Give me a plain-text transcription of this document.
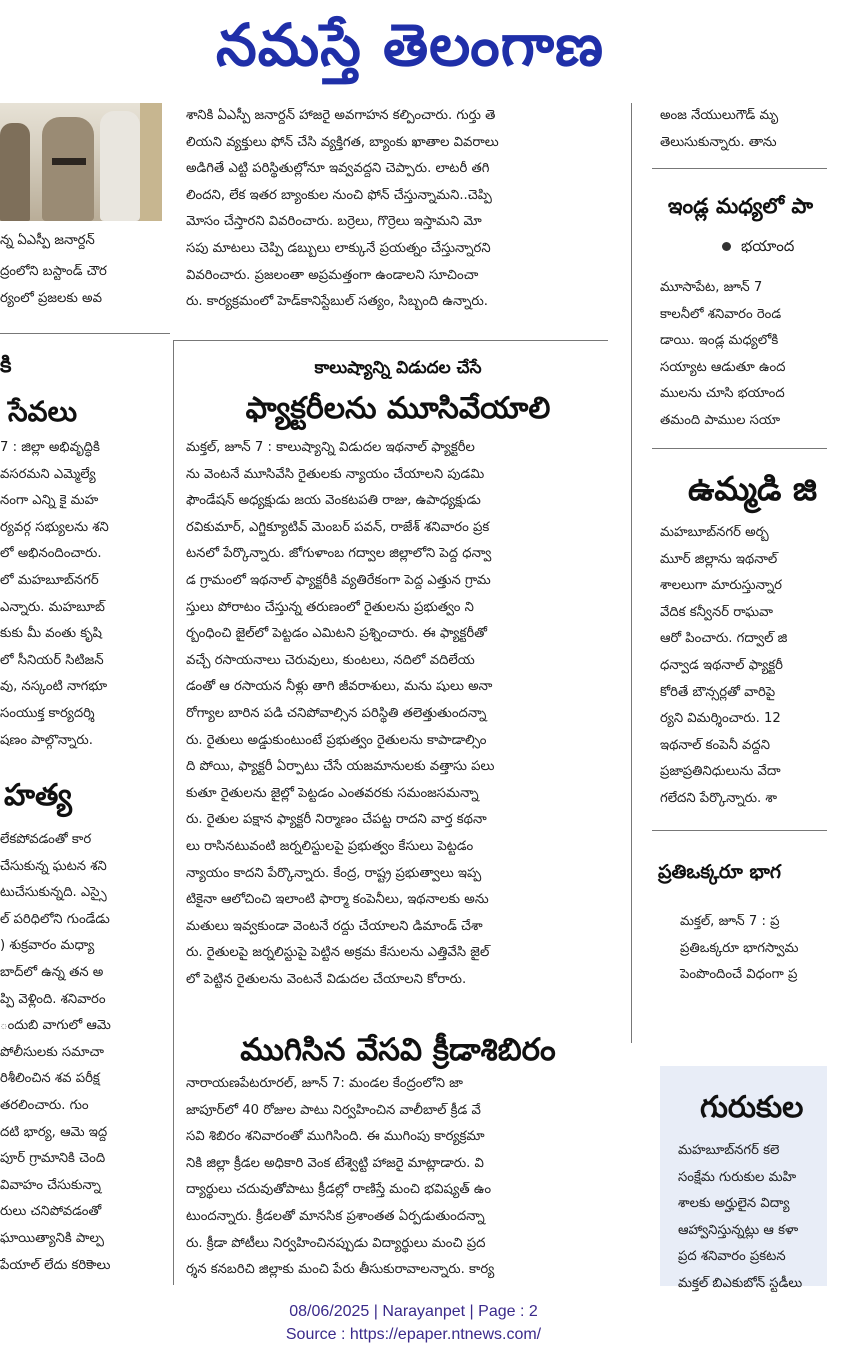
నమస్తే తెలంగాణ
న్న ఏఎస్పీ జనార్దన్
ద్రంలోని బస్టాండ్ చౌర
ర్యంలో ప్రజలకు అవ
కి
సేవలు
7 : జిల్లా అభివృద్ధికి
వసరమని ఎమ్మెల్యే
నంగా ఎన్ని కై మహ
ర్యవర్గ సభ్యులను శని
లో అభినందించారు.
లో మహబూబ్‌నగర్
ఎన్నారు. మహబూబ్
కుకు మీ వంతు కృషి
లో సీనియర్ సిటిజన్
వు, నస్కంటి నాగభూ
సంయుక్త కార్యదర్శి
షణం పాల్గొన్నారు.
హత్య
లేకపోవడంతో కార
చేసుకున్న ఘటన శని
టుచేసుకున్నది. ఎస్సై
ల్ పరిధిలోని గుండేడు
) శుక్రవారం మధ్యా
బాద్‌లో ఉన్న తన అ
ప్పి వెళ్లింది. శనివారం
ందుబి వాగులో ఆమె
పోలీసులకు సమాచా
రిశీలించిన శవ పరీక్ష
తరలించారు. గుం
దటి భార్య, ఆమె ఇద్ద
పూర్ గ్రామానికి చెంది
వివాహం చేసుకున్నా
రులు చనిపోవడంతో
ఘాయిత్యానికి పాల్ప
పేయాల్ లేదు కరికెాలు
శానికి ఏఎస్పీ జనార్దన్ హాజరై అవగాహన కల్పించారు. గుర్తు తె
లియని వ్యక్తులు ఫోన్ చేసి వ్యక్తిగత, బ్యాంకు ఖాతాల వివరాలు
అడిగితే ఎట్టి పరిస్థితుల్లోనూ ఇవ్వవద్దని చెప్పారు. లాటరీ తగి
లిందని, లేక ఇతర బ్యాంకుల నుంచి ఫోన్ చేస్తున్నామని..చెప్పి
మోసం చేస్తారని వివరించారు. బర్రెలు, గొర్రెలు ఇస్తామని మో
సపు మాటలు చెప్పి డబ్బులు లాక్కునే ప్రయత్నం చేస్తున్నారని
వివరించారు. ప్రజలంతా అప్రమత్తంగా ఉండాలని సూచించా
రు. కార్యక్రమంలో హెడ్‌కానిస్టేబుల్ సత్యం, సిబ్బంది ఉన్నారు.
కాలుష్యాన్ని విడుదల చేసే
ఫ్యాక్టరీలను మూసివేయాలి
మక్తల్, జూన్ 7 : కాలుష్యాన్ని విడుదల ఇథనాల్ ఫ్యాక్టరీల
ను వెంటనే మూసివేసి రైతులకు న్యాయం చేయాలని పుడమి
ఫౌండేషన్ అధ్యక్షుడు జయ వెంకటపతి రాజు, ఉపాధ్యక్షుడు
రవికుమార్, ఎగ్జిక్యూటివ్ మెంబర్ పవన్, రాజేశ్ శనివారం ప్రక
టనలో పేర్కొన్నారు. జోగుళాంబ గద్వాల జిల్లాలోని పెద్ద ధన్వా
డ గ్రామంలో ఇథనాల్ ఫ్యాక్టరీకి వ్యతిరేకంగా పెద్ద ఎత్తున గ్రామ
స్తులు పోరాటం చేస్తున్న తరుణంలో రైతులను ప్రభుత్వం ని
ర్బంధించి జైల్‌లో పెట్టడం ఎమిటని ప్రశ్నించారు. ఈ ఫ్యాక్టరీతో
వచ్చే రసాయనాలు చెరువులు, కుంటలు, నదిలో వదిలేయ
డంతో ఆ రసాయన నీళ్లు తాగి జీవరాశులు, మను షులు అనా
రోగ్యాల బారిన పడి చనిపోవాల్సిన పరిస్థితి తలెత్తుతుందన్నా
రు. రైతులు అడ్డుకుంటుంటే ప్రభుత్వం రైతులను కాపాడాల్సిం
ది పోయి, ఫ్యాక్టరీ ఏర్పాటు చేసే యజమానులకు వత్తాసు పలు
కుతూ రైతులను జైల్లో పెట్టడం ఎంతవరకు సమంజసమన్నా
రు. రైతుల పక్షాన ఫ్యాక్టరీ నిర్మాణం చేపట్ట రాదని వార్త కథనా
లు రాసినటువంటి జర్నలిస్టులపై ప్రభుత్వం కేసులు పెట్టడం
న్యాయం కాదని పేర్కొన్నారు. కేంద్ర, రాష్ట్ర ప్రభుత్వాలు ఇప్ప
టికైనా ఆలోచించి ఇలాంటి ఫార్మా కంపెనీలు, ఇథనాలకు అను
మతులు ఇవ్వకుండా వెంటనే రద్దు చేయాలని డిమాండ్ చేశా
రు. రైతులపై జర్నలిస్టుపై పెట్టిన అక్రమ కేసులను ఎత్తివేసి జైల్
లో పెట్టిన రైతులను వెంటనే విడుదల చేయాలని కోరారు.
ముగిసిన వేసవి క్రీడాశిబిరం
నారాయణపేటరూరల్, జూన్ 7: మండల కేంద్రంలోని జా
జాపూర్‌లో 40 రోజుల పాటు నిర్వహించిన వాలీబాల్ క్రీడ వే
సవి శిబిరం శనివారంతో ముగిసింది. ఈ ముగింపు కార్యక్రమా
నికి జిల్లా క్రీడల అధికారి వెంక టేశ్వెట్టి హాజరై మాట్లాడారు. వి
ద్యార్థులు చదువుతోపాటు క్రీడల్లో రాణిస్తే మంచి భవిష్యత్ ఉం
టుందన్నారు. క్రీడలతో మానసిక ప్రశాంతత ఏర్పడుతుందన్నా
రు. క్రీడా పోటీలు నిర్వహించినప్పుడు విద్యార్థులు మంచి ప్రద
ర్శన కనబరిచి జిల్లాకు మంచి పేరు తీసుకురావాలన్నారు. కార్య
అంజ నేయులుగౌడ్ మృ
తెలుసుకున్నారు. తాను
ఇండ్ల మధ్యలో పా
భయాంద
మూసాపేట, జూన్ 7
కాలనీలో శనివారం రెండ
డాయి. ఇండ్ల మధ్యలోకి
సయ్యాట ఆడుతూ ఉంద
ములను చూసి భయాంద
తమంది పాముల సయా
ఉమ్మడి జి
మహబూబ్‌నగర్ అర్బ
మూర్ జిల్లాను ఇథనాల్
శాలలుగా మారుస్తున్నార
వేదిక కన్వీనర్ రాఘవా
ఆరో పించారు. గద్వాల్ జి
ధన్వాడ ఇథనాల్ ఫ్యాక్టరీ
కోరితే బౌన్సర్లతో వారిపై
ర్యని విమర్శించారు. 12
ఇథనాల్ కంపెనీ వద్దని
ప్రజాప్రతినిధులును వేదా
గలేదని పేర్కొన్నారు. శా
ప్రతిఒక్కరూ భాగ
మక్తల్, జూన్ 7 : ప్ర
ప్రతిఒక్కరూ భాగస్వామ
పెంపొందించే విధంగా ప్ర
గురుకుల
మహబూబ్‌నగర్ కలె
సంక్షేమ గురుకుల మహి
శాలకు అర్హులైన విద్యా
ఆహ్వానిస్తున్నట్లు ఆ కళా
ప్రద శనివారం ప్రకటన
మక్తల్ బిఎకుబోన్ స్టడీలు
08/06/2025 | Narayanpet | Page : 2
Source : https://epaper.ntnews.com/
